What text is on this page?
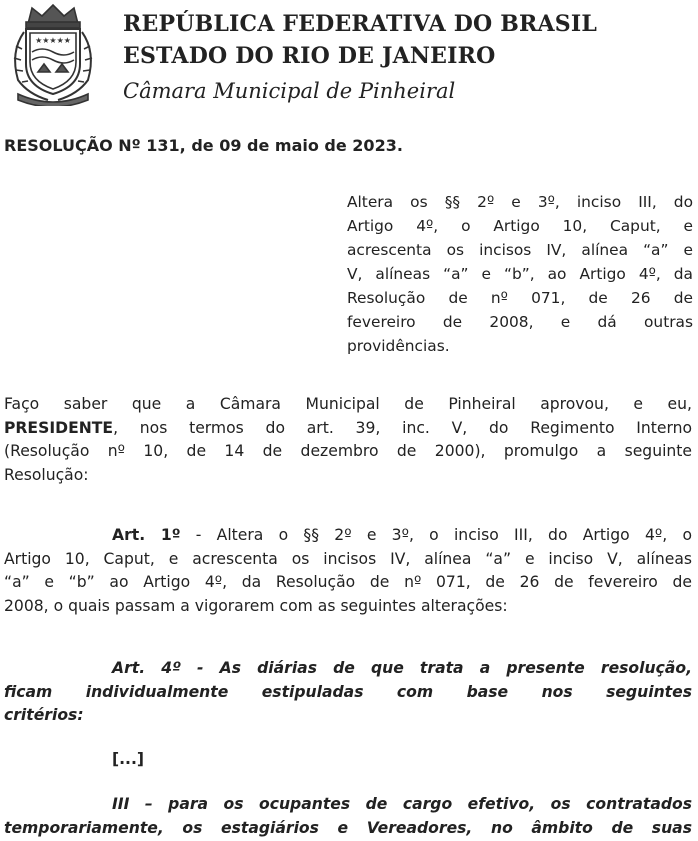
★★★★★
REPÚBLICA FEDERATIVA DO BRASIL
ESTADO DO RIO DE JANEIRO
Câmara Municipal de Pinheiral
RESOLUÇÃO Nº 131, de 09 de maio de 2023.
Altera os §§ 2º e 3º, inciso III, do
Artigo 4º, o Artigo 10, Caput, e
acrescenta os incisos IV, alínea “a” e
V, alíneas “a” e “b”, ao Artigo 4º, da
Resolução de nº 071, de 26 de
fevereiro de 2008, e dá outras
providências.
Faço saber que a Câmara Municipal de Pinheiral aprovou, e eu,
PRESIDENTE, nos termos do art. 39, inc. V, do Regimento Interno
(Resolução nº 10, de 14 de dezembro de 2000), promulgo a seguinte
Resolução:
Art. 1º - Altera o §§ 2º e 3º, o inciso III, do Artigo 4º, o
Artigo 10, Caput, e acrescenta os incisos IV, alínea “a” e inciso V, alíneas
“a” e “b” ao Artigo 4º, da Resolução de nº 071, de 26 de fevereiro de
2008, o quais passam a vigorarem com as seguintes alterações:
Art. 4º - As diárias de que trata a presente resolução,
ficam individualmente estipuladas com base nos seguintes
critérios:
[...]
III – para os ocupantes de cargo efetivo, os contratados
temporariamente, os estagiários e Vereadores, no âmbito de suas
